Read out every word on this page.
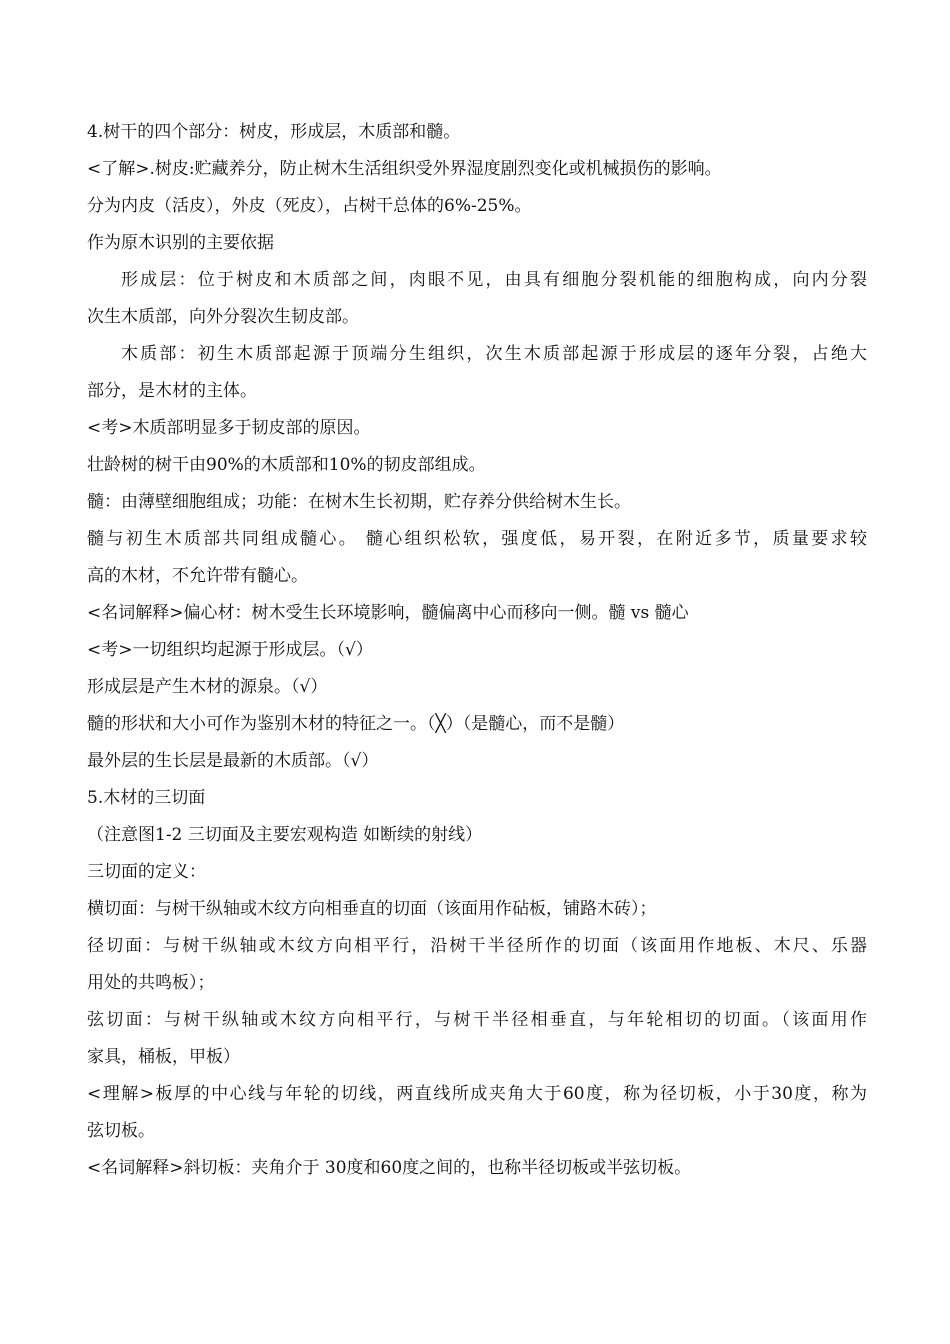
4.树干的四个部分：树皮，形成层，木质部和髓。
<了解>.树皮:贮藏养分，防止树木生活组织受外界湿度剧烈变化或机械损伤的影响。
分为内皮（活皮），外皮（死皮），占树干总体的6%-25%。
作为原木识别的主要依据
形成层：位于树皮和木质部之间，肉眼不见，由具有细胞分裂机能的细胞构成，向内分裂
次生木质部，向外分裂次生韧皮部。
木质部：初生木质部起源于顶端分生组织，次生木质部起源于形成层的逐年分裂，占绝大
部分，是木材的主体。
<考>木质部明显多于韧皮部的原因。
壮龄树的树干由90%的木质部和10%的韧皮部组成。
髓：由薄壁细胞组成；功能：在树木生长初期，贮存养分供给树木生长。
髓与初生木质部共同组成髓心。 髓心组织松软，强度低，易开裂，在附近多节，质量要求较
高的木材，不允许带有髓心。
<名词解释>偏心材：树木受生长环境影响，髓偏离中心而移向一侧。髓 vs 髓心
<考>一切组织均起源于形成层。（√）
形成层是产生木材的源泉。（√）
髓的形状和大小可作为鉴别木材的特征之一。（╳）（是髓心，而不是髓）
最外层的生长层是最新的木质部。（√）
5.木材的三切面
（注意图1-2 三切面及主要宏观构造 如断续的射线）
三切面的定义：
横切面：与树干纵轴或木纹方向相垂直的切面（该面用作砧板，铺路木砖）；
径切面：与树干纵轴或木纹方向相平行，沿树干半径所作的切面（该面用作地板、木尺、乐器
用处的共鸣板）；
弦切面：与树干纵轴或木纹方向相平行，与树干半径相垂直，与年轮相切的切面。（该面用作
家具，桶板，甲板）
<理解>板厚的中心线与年轮的切线，两直线所成夹角大于60度，称为径切板，小于30度，称为
弦切板。
<名词解释>斜切板：夹角介于 30度和60度之间的，也称半径切板或半弦切板。
